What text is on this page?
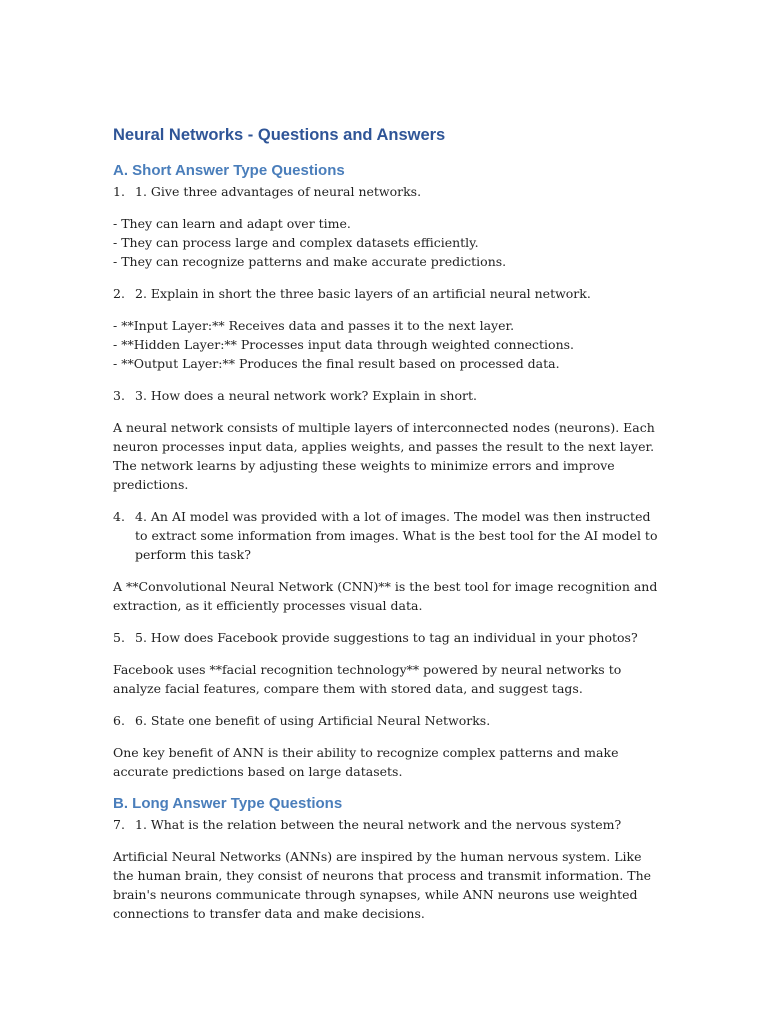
Neural Networks - Questions and Answers
A. Short Answer Type Questions
1. 1. Give three advantages of neural networks.
- They can learn and adapt over time.
- They can process large and complex datasets efficiently.
- They can recognize patterns and make accurate predictions.
2. 2. Explain in short the three basic layers of an artificial neural network.
- **Input Layer:** Receives data and passes it to the next layer.
- **Hidden Layer:** Processes input data through weighted connections.
- **Output Layer:** Produces the final result based on processed data.
3. 3. How does a neural network work? Explain in short.
A neural network consists of multiple layers of interconnected nodes (neurons). Each neuron processes input data, applies weights, and passes the result to the next layer. The network learns by adjusting these weights to minimize errors and improve predictions.
4. 4. An AI model was provided with a lot of images. The model was then instructed to extract some information from images. What is the best tool for the AI model to perform this task?
A **Convolutional Neural Network (CNN)** is the best tool for image recognition and extraction, as it efficiently processes visual data.
5. 5. How does Facebook provide suggestions to tag an individual in your photos?
Facebook uses **facial recognition technology** powered by neural networks to analyze facial features, compare them with stored data, and suggest tags.
6. 6. State one benefit of using Artificial Neural Networks.
One key benefit of ANN is their ability to recognize complex patterns and make accurate predictions based on large datasets.
B. Long Answer Type Questions
7. 1. What is the relation between the neural network and the nervous system?
Artificial Neural Networks (ANNs) are inspired by the human nervous system. Like the human brain, they consist of neurons that process and transmit information. The brain's neurons communicate through synapses, while ANN neurons use weighted connections to transfer data and make decisions.
